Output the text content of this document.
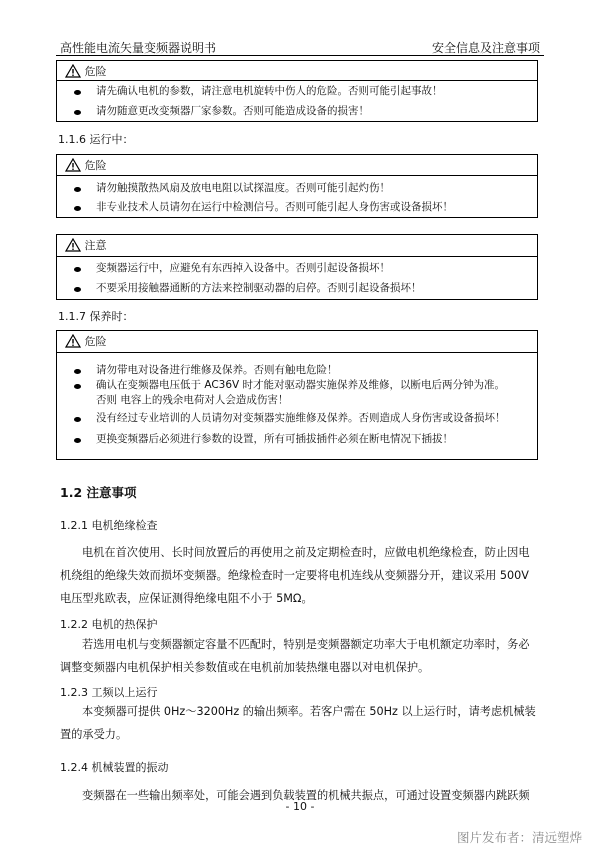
高性能电流矢量变频器说明书	安全信息及注意事项
危险
请先确认电机的参数，请注意电机旋转中伤人的危险。否则可能引起事故！
请勿随意更改变频器厂家参数。否则可能造成设备的损害！
1.1.6 运行中：
危险
请勿触摸散热风扇及放电电阻以试探温度。否则可能引起灼伤！
非专业技术人员请勿在运行中检测信号。否则可能引起人身伤害或设备损坏！
注意
变频器运行中，应避免有东西掉入设备中。否则引起设备损坏！
不要采用接触器通断的方法来控制驱动器的启停。否则引起设备损坏！
1.1.7 保养时：
危险
请勿带电对设备进行维修及保养。否则有触电危险！
确认在变频器电压低于 AC36V 时才能对驱动器实施保养及维修，以断电后两分钟为准。
否则 电容上的残余电荷对人会造成伤害！
没有经过专业培训的人员请勿对变频器实施维修及保养。否则造成人身伤害或设备损坏！
更换变频器后必须进行参数的设置，所有可插拔插件必须在断电情况下插拔！
1.2 注意事项
1.2.1 电机绝缘检查

电机在首次使用、长时间放置后的再使用之前及定期检查时，应做电机绝缘检查，防止因电

机绕组的绝缘失效而损坏变频器。绝缘检查时一定要将电机连线从变频器分开，建议采用 500V

电压型兆欧表，应保证测得绝缘电阻不小于 5MΩ。

1.2.2 电机的热保护

若选用电机与变频器额定容量不匹配时，特别是变频器额定功率大于电机额定功率时，务必

调整变频器内电机保护相关参数值或在电机前加装热继电器以对电机保护。

1.2.3 工频以上运行

本变频器可提供 0Hz～3200Hz 的输出频率。若客户需在 50Hz 以上运行时，请考虑机械装

置的承受力。

1.2.4 机械装置的振动

变频器在一些输出频率处，可能会遇到负载装置的机械共振点，可通过设置变频器内跳跃频

- 10 -
图片发布者：清远塑烨
